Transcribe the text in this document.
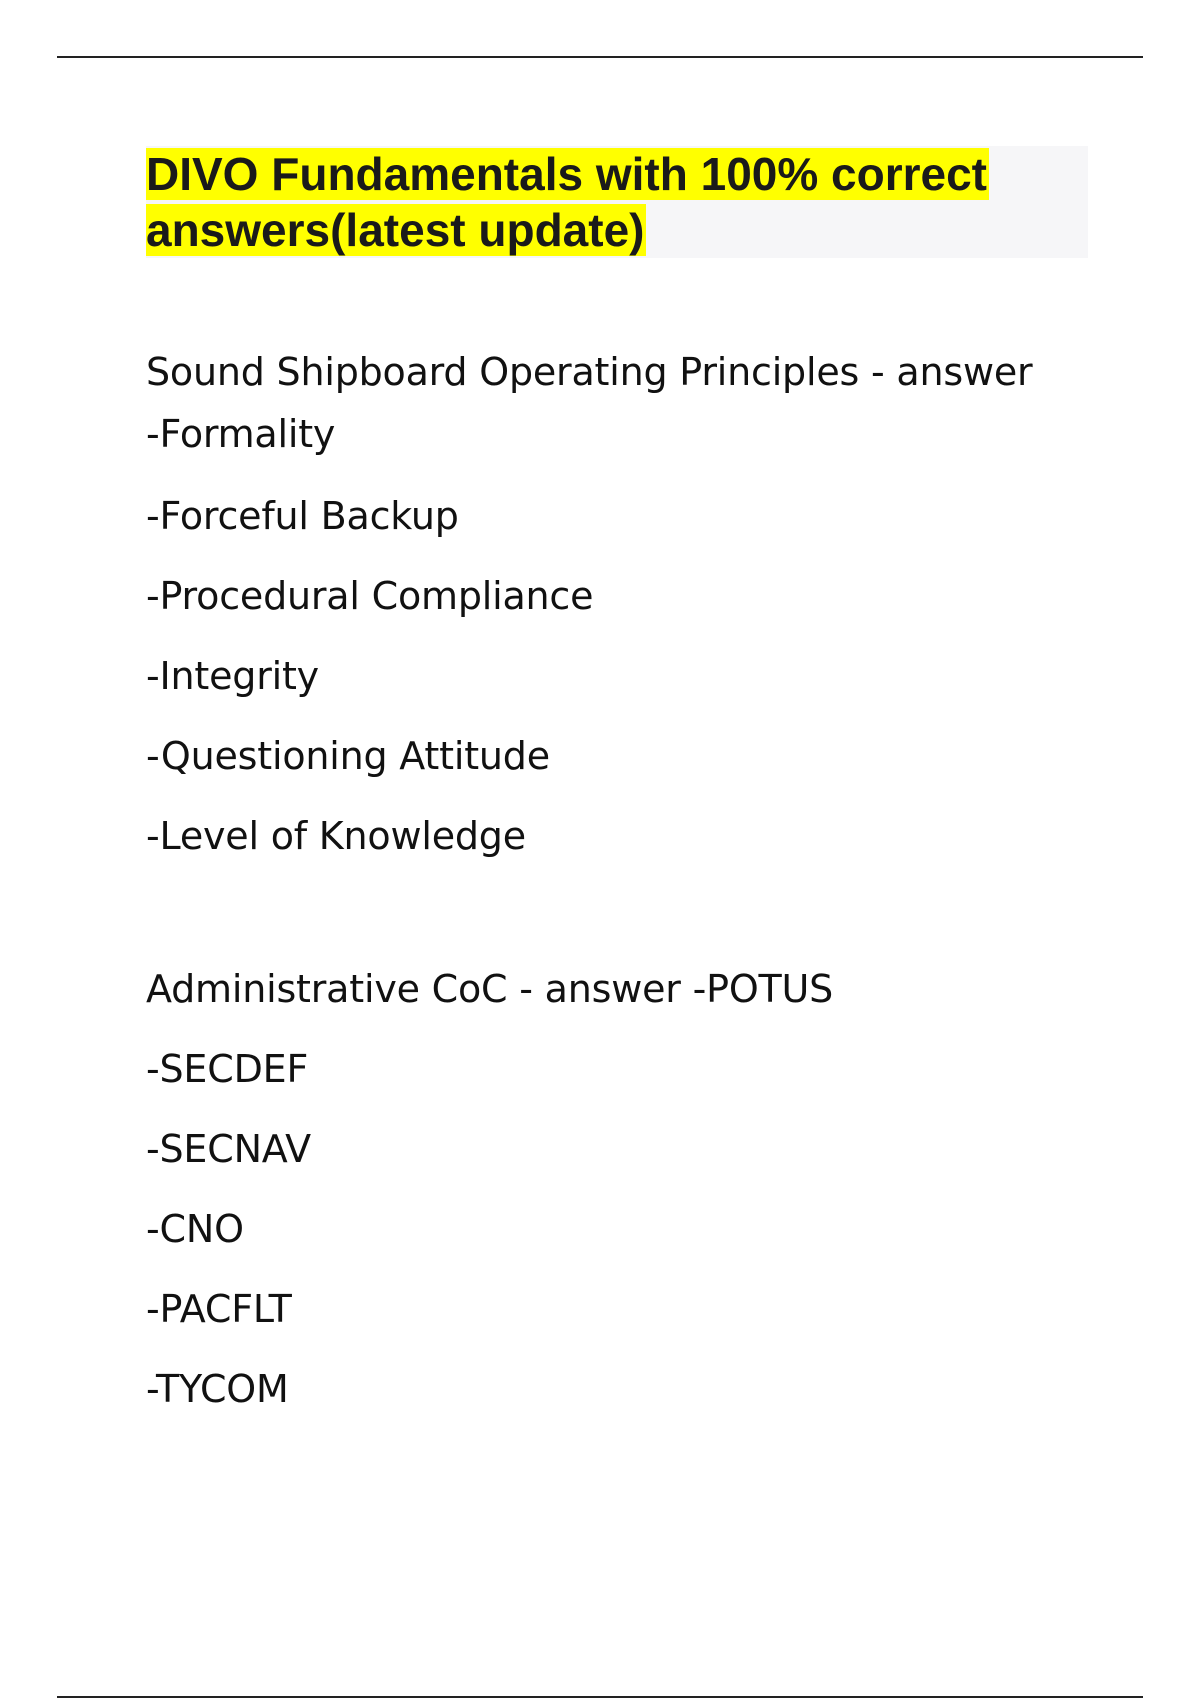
DIVO Fundamentals with 100% correct
answers(latest update)
Sound Shipboard Operating Principles - answer
-Formality
-Forceful Backup
-Procedural Compliance
-Integrity
-Questioning Attitude
-Level of Knowledge
Administrative CoC - answer -POTUS
-SECDEF
-SECNAV
-CNO
-PACFLT
-TYCOM
